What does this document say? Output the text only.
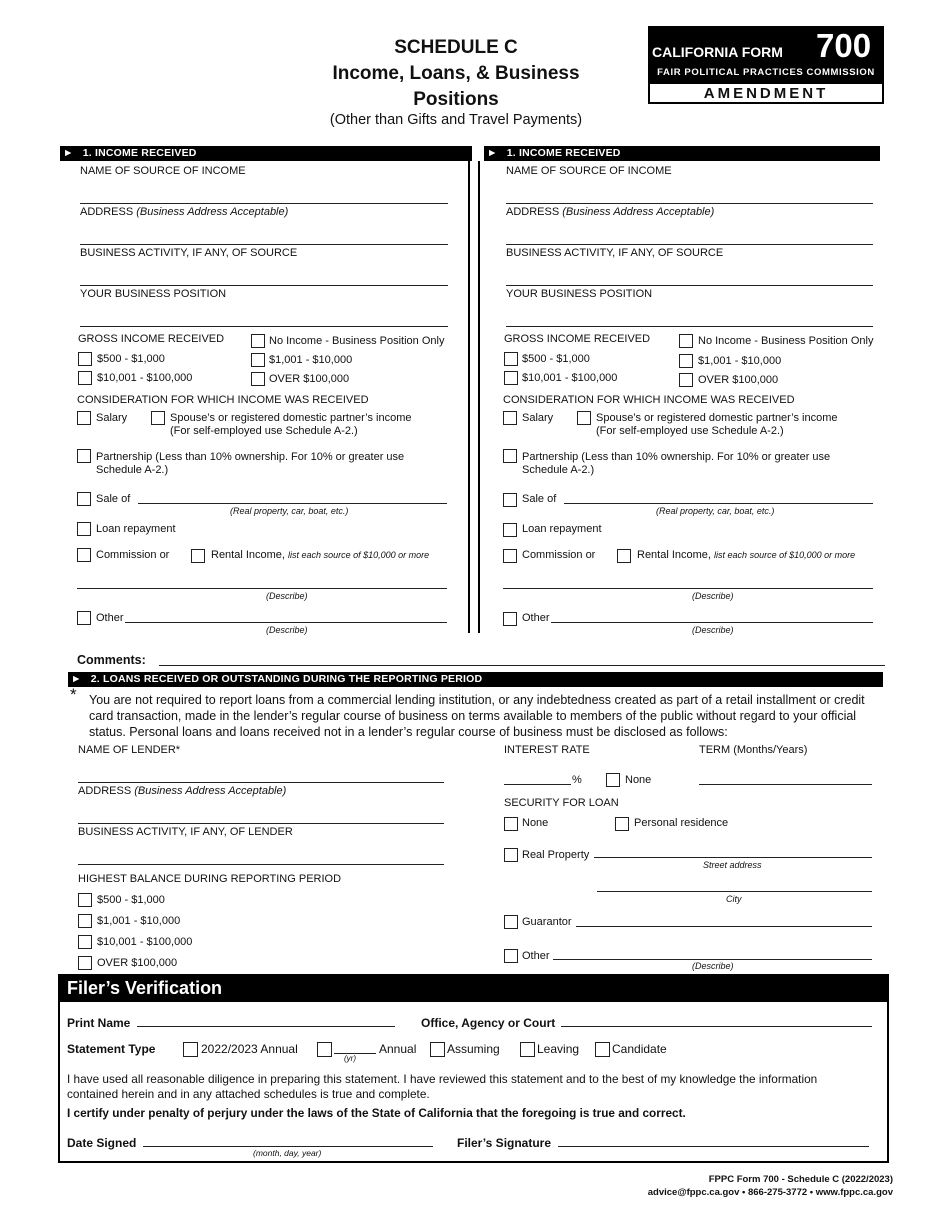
SCHEDULE C
Income, Loans, & Business
Positions
(Other than Gifts and Travel Payments)
CALIFORNIA FORM 700
FAIR POLITICAL PRACTICES COMMISSION
AMENDMENT
► 1. INCOME RECEIVED
NAME OF SOURCE OF INCOME
ADDRESS (Business Address Acceptable)
BUSINESS ACTIVITY, IF ANY, OF SOURCE
YOUR BUSINESS POSITION
GROSS INCOME RECEIVED	No Income - Business Position Only
$500 - $1,000	$1,001 - $10,000
$10,001 - $100,000	OVER $100,000
CONSIDERATION FOR WHICH INCOME WAS RECEIVED
Salary	Spouse’s or registered domestic partner’s income
(For self-employed use Schedule A-2.)
Partnership (Less than 10% ownership. For 10% or greater use
Schedule A-2.)
Sale of
(Real property, car, boat, etc.)
Loan repayment
Commission or	Rental Income, list each source of $10,000 or more
(Describe)
Other
(Describe)
► 1. INCOME RECEIVED
NAME OF SOURCE OF INCOME
ADDRESS (Business Address Acceptable)
BUSINESS ACTIVITY, IF ANY, OF SOURCE
YOUR BUSINESS POSITION
GROSS INCOME RECEIVED	No Income - Business Position Only
$500 - $1,000	$1,001 - $10,000
$10,001 - $100,000	OVER $100,000
CONSIDERATION FOR WHICH INCOME WAS RECEIVED
Salary	Spouse’s or registered domestic partner’s income
(For self-employed use Schedule A-2.)
Partnership (Less than 10% ownership. For 10% or greater use
Schedule A-2.)
Sale of
(Real property, car, boat, etc.)
Loan repayment
Commission or	Rental Income, list each source of $10,000 or more
(Describe)
Other
(Describe)
Comments:
► 2. LOANS RECEIVED OR OUTSTANDING DURING THE REPORTING PERIOD
* You are not required to report loans from a commercial lending institution, or any indebtedness created as part of a retail installment or credit
card transaction, made in the lender’s regular course of business on terms available to members of the public without regard to your official
status. Personal loans and loans received not in a lender’s regular course of business must be disclosed as follows:
NAME OF LENDER*
ADDRESS (Business Address Acceptable)
BUSINESS ACTIVITY, IF ANY, OF LENDER
HIGHEST BALANCE DURING REPORTING PERIOD
$500 - $1,000
$1,001 - $10,000
$10,001 - $100,000
OVER $100,000
INTEREST RATE	TERM (Months/Years)
%	None
SECURITY FOR LOAN
None	Personal residence
Real Property
Street address
City
Guarantor
Other
(Describe)
Filer’s Verification
Print Name	Office, Agency or Court
Statement Type	2022/2023 Annual
(yr)
Annual	Assuming	Leaving	Candidate
I have used all reasonable diligence in preparing this statement. I have reviewed this statement and to the best of my knowledge the information
contained herein and in any attached schedules is true and complete.
I certify under penalty of perjury under the laws of the State of California that the foregoing is true and correct.
Date Signed
(month, day, year)
Filer’s Signature
FPPC Form 700 - Schedule C (2022/2023)
advice@fppc.ca.gov • 866-275-3772 • www.fppc.ca.gov
